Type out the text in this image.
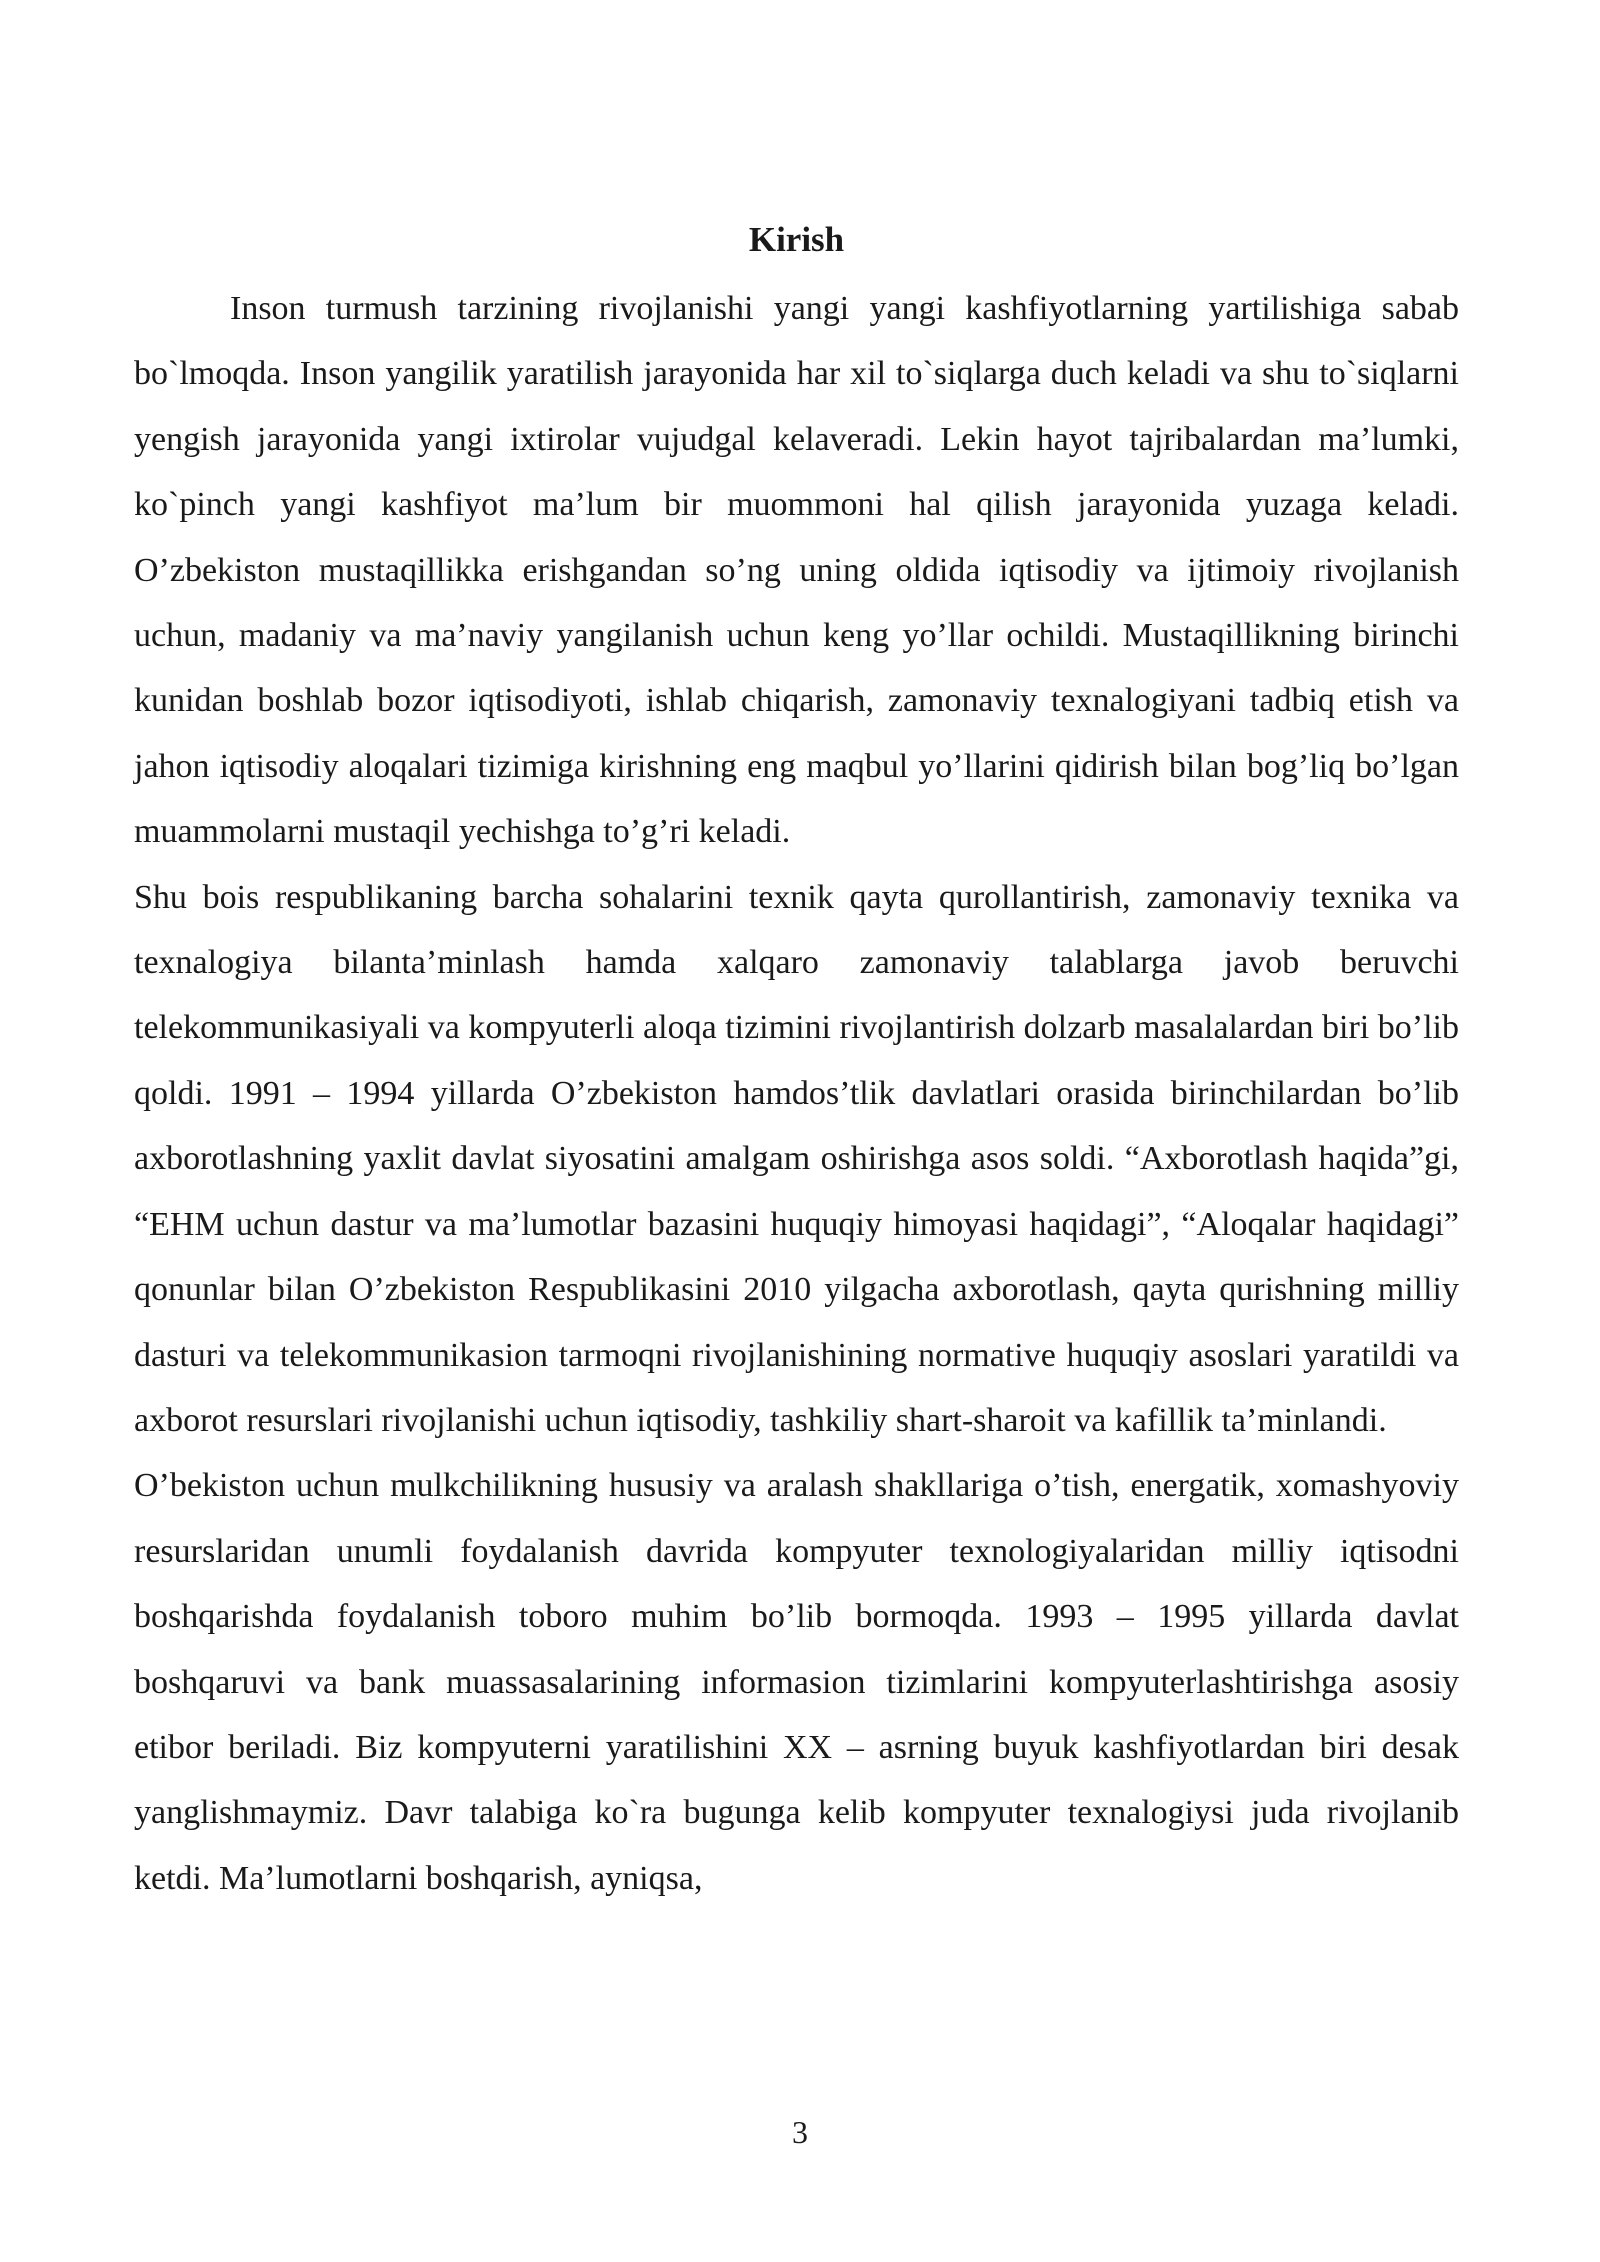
Kirish

Inson turmush tarzining rivojlanishi yangi yangi kashfiyotlarning yartilishiga sabab bo`lmoqda. Inson yangilik yaratilish jarayonida har xil to`siqlarga duch keladi va shu to`siqlarni yengish jarayonida yangi ixtirolar vujudgal kelaveradi. Lekin hayot tajribalardan ma’lumki, ko`pinch yangi kashfiyot ma’lum bir muommoni hal qilish jarayonida yuzaga keladi. O’zbekiston mustaqillikka erishgandan so’ng uning oldida iqtisodiy va ijtimoiy rivojlanish uchun, madaniy va ma’naviy yangilanish uchun keng yo’llar ochildi. Mustaqillikning birinchi kunidan boshlab bozor iqtisodiyoti, ishlab chiqarish, zamonaviy texnalogiyani tadbiq etish va jahon iqtisodiy aloqalari tizimiga kirishning eng maqbul yo’llarini qidirish bilan bog’liq bo’lgan muammolarni mustaqil yechishga to’g’ri keladi.

Shu bois respublikaning barcha sohalarini texnik qayta qurollantirish, zamonaviy texnika va texnalogiya bilanta’minlash hamda xalqaro zamonaviy talablarga javob beruvchi telekommunikasiyali va kompyuterli aloqa tizimini rivojlantirish dolzarb masalalardan biri bo’lib qoldi. 1991 – 1994 yillarda O’zbekiston hamdos’tlik davlatlari orasida birinchilardan bo’lib axborotlashning yaxlit davlat siyosatini amalgam oshirishga asos soldi. “Axborotlash haqida”gi, “EHM uchun dastur va ma’lumotlar bazasini huquqiy himoyasi haqidagi”, “Aloqalar haqidagi” qonunlar bilan O’zbekiston Respublikasini 2010 yilgacha axborotlash, qayta qurishning milliy dasturi va telekommunikasion tarmoqni rivojlanishining normative huquqiy asoslari yaratildi va axborot resurslari rivojlanishi uchun iqtisodiy, tashkiliy shart-sharoit va kafillik ta’minlandi.

O’bekiston uchun mulkchilikning hususiy va aralash shakllariga o’tish, energatik, xomashyoviy resurslaridan unumli foydalanish davrida kompyuter texnologiyalaridan milliy iqtisodni boshqarishda foydalanish toboro muhim bo’lib bormoqda. 1993 – 1995 yillarda davlat boshqaruvi va bank muassasalarining informasion tizimlarini kompyuterlashtirishga asosiy etibor beriladi. Biz kompyuterni yaratilishini XX – asrning buyuk kashfiyotlardan biri desak yanglishmaymiz. Davr talabiga ko`ra bugunga kelib kompyuter texnalogiysi juda rivojlanib ketdi. Ma’lumotlarni boshqarish, ayniqsa,

3
